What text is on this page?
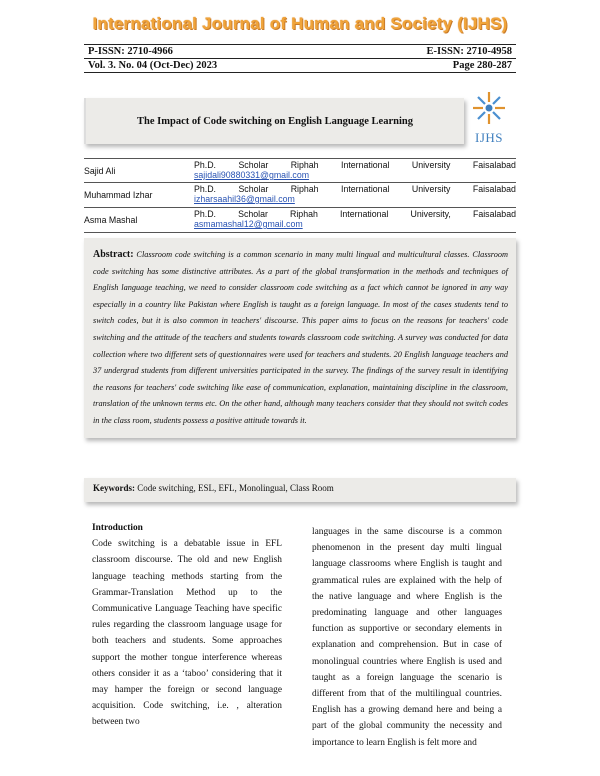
International Journal of Human and Society (IJHS)
P-ISSN: 2710-4966	E-ISSN: 2710-4958
Vol. 3. No. 04 (Oct-Dec) 2023	Page 280-287
The Impact of Code switching on English Language Learning
IJHS
Sajid Ali
Ph.D.	Scholar	Riphah	International	University	Faisalabad
sajidali90880331@gmail.com
Muhammad Izhar
Ph.D.	Scholar	Riphah	International	University	Faisalabad
izharsaahil36@gmail.com
Asma Mashal
Ph.D.	Scholar	Riphah	International	University,	Faisalabad
asmamashal12@gmail.com
Abstract: Classroom code switching is a common scenario in many multi lingual and multicultural classes. Classroom code switching has some distinctive attributes. As a part of the global transformation in the methods and techniques of English language teaching, we need to consider classroom code switching as a fact which cannot be ignored in any way especially in a country like Pakistan where English is taught as a foreign language. In most of the cases students tend to switch codes, but it is also common in teachers' discourse. This paper aims to focus on the reasons for teachers' code switching and the attitude of the teachers and students towards classroom code switching. A survey was conducted for data collection where two different sets of questionnaires were used for teachers and students. 20 English language teachers and 37 undergrad students from different universities participated in the survey. The findings of the survey result in identifying the reasons for teachers' code switching like ease of communication, explanation, maintaining discipline in the classroom, translation of the unknown terms etc. On the other hand, although many teachers consider that they should not switch codes in the class room, students possess a positive attitude towards it.
Keywords: Code switching, ESL, EFL, Monolingual, Class Room
Introduction
Code switching is a debatable issue in EFL classroom discourse. The old and new English language teaching methods starting from the Grammar-Translation Method up to the Communicative Language Teaching have specific rules regarding the classroom language usage for both teachers and students. Some approaches support the mother tongue interference whereas others consider it as a ‘taboo’ considering that it may hamper the foreign or second language acquisition. Code switching, i.e. , alteration between two
languages in the same discourse is a common phenomenon in the present day multi lingual language classrooms where English is taught and grammatical rules are explained with the help of the native language and where English is the predominating language and other languages function as supportive or secondary elements in explanation and comprehension. But in case of monolingual countries where English is used and taught as a foreign language the scenario is different from that of the multilingual countries. English has a growing demand here and being a part of the global community the necessity and importance to learn English is felt more and
